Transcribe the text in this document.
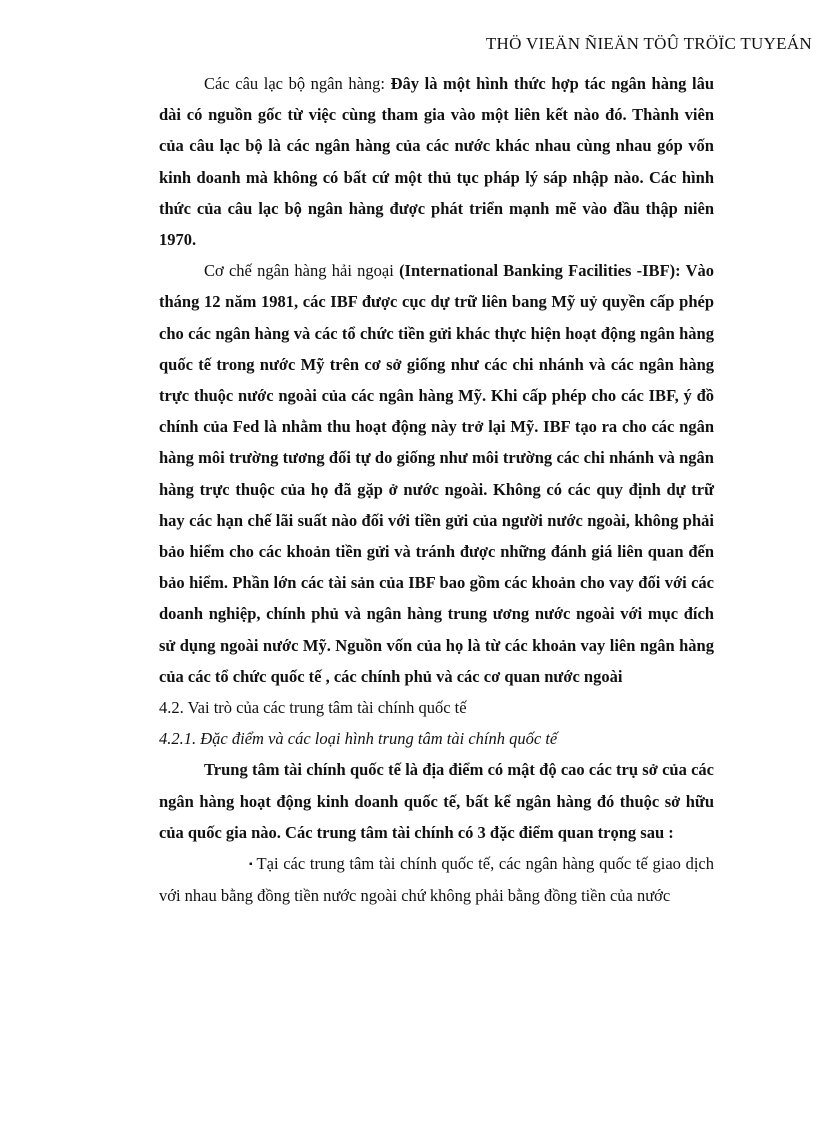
THÖ VIEÄN ÑIEÄN TÖÛ TRÖÏC TUYEÁN

Các câu lạc bộ ngân hàng: Đây là một hình thức hợp tác ngân hàng lâu dài có nguồn gốc từ việc cùng tham gia vào một liên kết nào đó. Thành viên của câu lạc bộ là các ngân hàng của các nước khác nhau cùng nhau góp vốn kinh doanh mà không có bất cứ một thủ tục pháp lý sáp nhập nào. Các hình thức của câu lạc bộ ngân hàng được phát triển mạnh mẽ vào đầu thập niên 1970.

Cơ chế ngân hàng hải ngoại (International Banking Facilities -IBF): Vào tháng 12 năm 1981, các IBF được cục dự trữ liên bang Mỹ uỷ quyền cấp phép cho các ngân hàng và các tổ chức tiền gửi khác thực hiện hoạt động ngân hàng quốc tế trong nước Mỹ trên cơ sở giống như các chi nhánh và các ngân hàng trực thuộc nước ngoài của các ngân hàng Mỹ. Khi cấp phép cho các IBF, ý đồ chính của Fed là nhằm thu hoạt động này trở lại Mỹ. IBF tạo ra cho các ngân hàng môi trường tương đối tự do giống như môi trường các chi nhánh và ngân hàng trực thuộc của họ đã gặp ở nước ngoài. Không có các quy định dự trữ hay các hạn chế lãi suất nào đối với tiền gửi của người nước ngoài, không phải bảo hiểm cho các khoản tiền gửi và tránh được những đánh giá liên quan đến bảo hiểm. Phần lớn các tài sản của IBF bao gồm các khoản cho vay đối với các doanh nghiệp, chính phủ và ngân hàng trung ương nước ngoài với mục đích sử dụng ngoài nước Mỹ. Nguồn vốn của họ là từ các khoản vay liên ngân hàng của các tổ chức quốc tế , các chính phủ và các cơ quan nước ngoài

4.2. Vai trò của các trung tâm tài chính quốc tế

4.2.1. Đặc điểm và các loại hình trung tâm tài chính quốc tế

Trung tâm tài chính quốc tế là địa điểm có mật độ cao các trụ sở của các ngân hàng hoạt động kinh doanh quốc tế, bất kể ngân hàng đó thuộc sở hữu của quốc gia nào. Các trung tâm tài chính có 3 đặc điểm quan trọng sau :

▪ Tại các trung tâm tài chính quốc tế, các ngân hàng quốc tế giao dịch với nhau bằng đồng tiền nước ngoài chứ không phải bằng đồng tiền của nước
